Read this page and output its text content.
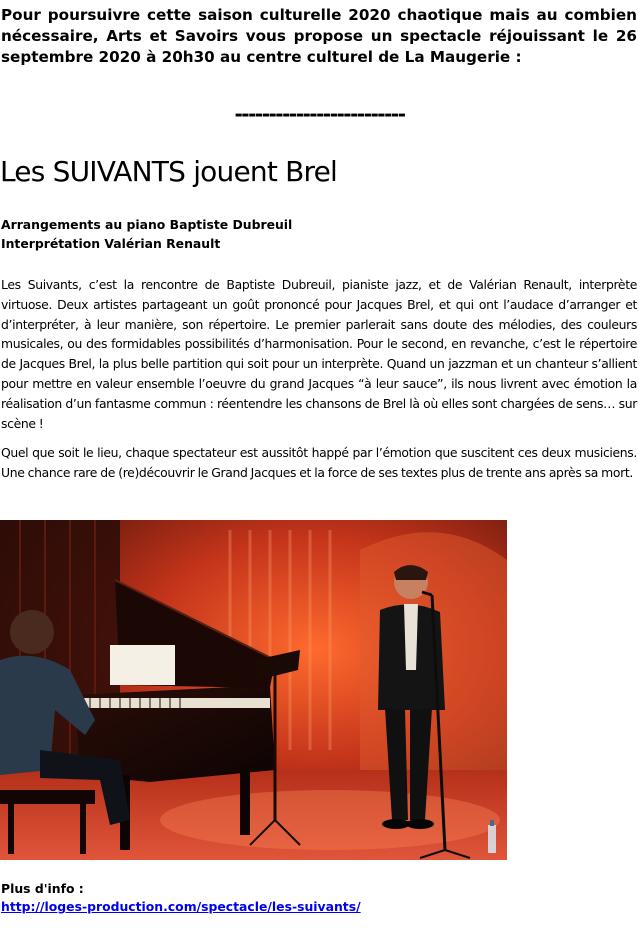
Pour poursuivre cette saison culturelle 2020 chaotique mais au combien nécessaire, Arts et Savoirs vous propose un spectacle réjouissant le 26 septembre 2020 à 20h30 au centre culturel de La Maugerie :

-------------------------

Les SUIVANTS jouent Brel
Arrangements au piano Baptiste Dubreuil
Interprétation Valérian Renault

Les Suivants, c’est la rencontre de Baptiste Dubreuil, pianiste jazz, et de Valérian Renault, interprète virtuose. Deux artistes partageant un goût prononcé pour Jacques Brel, et qui ont l’audace d’arranger et d’interpréter, à leur manière, son répertoire. Le premier parlerait sans doute des mélodies, des couleurs musicales, ou des formidables possibilités d’harmonisation. Pour le second, en revanche, c’est le répertoire de Jacques Brel, la plus belle partition qui soit pour un interprète. Quand un jazzman et un chanteur s’allient pour mettre en valeur ensemble l’oeuvre du grand Jacques “à leur sauce”, ils nous livrent avec émotion la réalisation d’un fantasme commun : réentendre les chansons de Brel là où elles sont chargées de sens… sur scène !

Quel que soit le lieu, chaque spectateur est aussitôt happé par l’émotion que suscitent ces deux musiciens. Une chance rare de (re)découvrir le Grand Jacques et la force de ses textes plus de trente ans après sa mort.

Plus d'info :
http://loges-production.com/spectacle/les-suivants/
